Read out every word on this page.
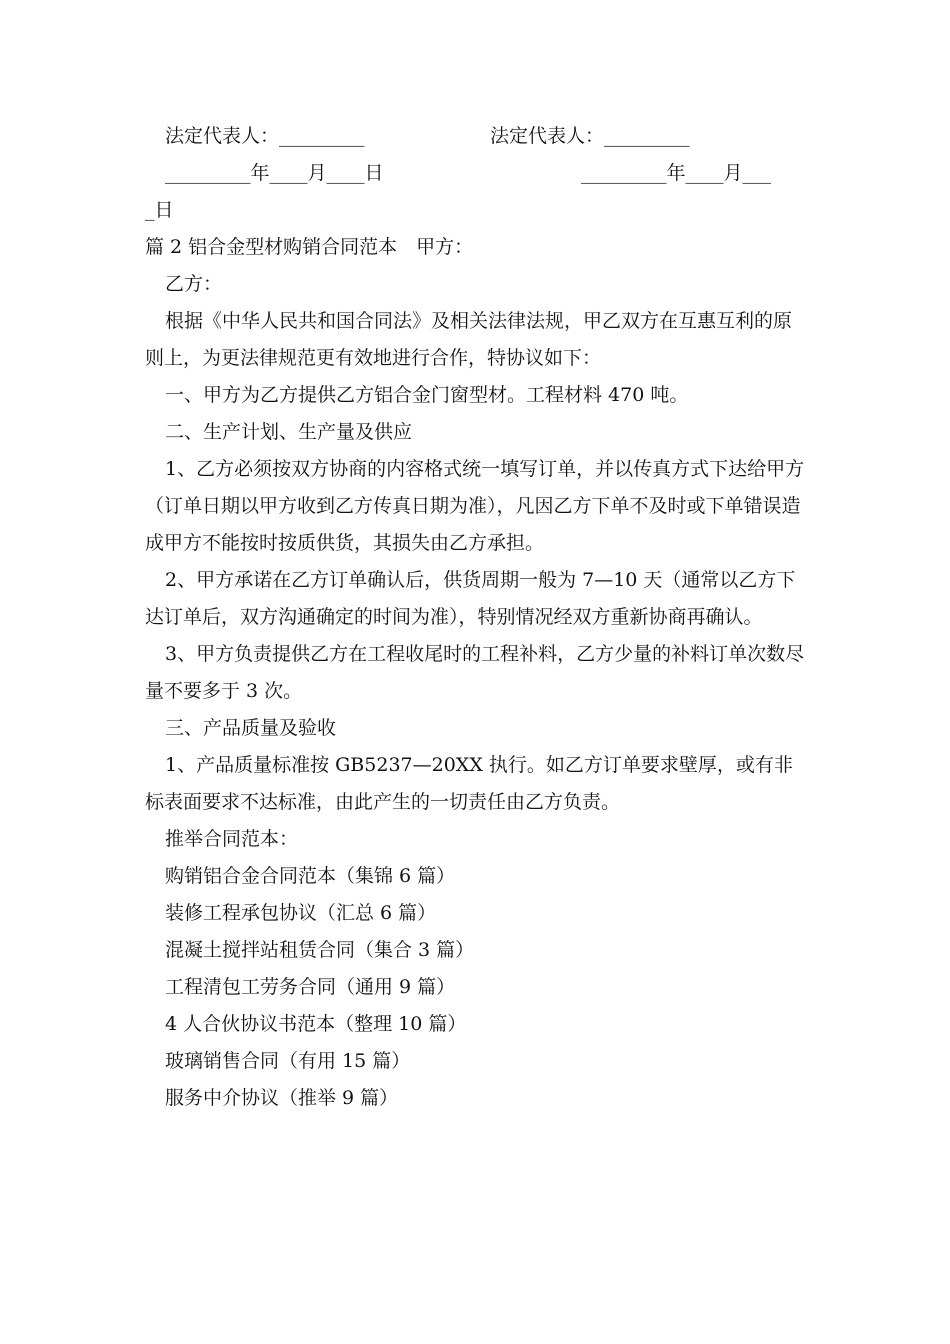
法定代表人：_________	法定代表人：_________
_________年____月____日	_________年____月___
_日
篇 2 铝合金型材购销合同范本　甲方：
乙方：
根据《中华人民共和国合同法》及相关法律法规，甲乙双方在互惠互利的原则上，为更法律规范更有效地进行合作，特协议如下：
一、甲方为乙方提供乙方铝合金门窗型材。工程材料 470 吨。
二、生产计划、生产量及供应
1、乙方必须按双方协商的内容格式统一填写订单，并以传真方式下达给甲方（订单日期以甲方收到乙方传真日期为准），凡因乙方下单不及时或下单错误造成甲方不能按时按质供货，其损失由乙方承担。
2、甲方承诺在乙方订单确认后，供货周期一般为 7—10 天（通常以乙方下达订单后，双方沟通确定的时间为准），特别情况经双方重新协商再确认。
3、甲方负责提供乙方在工程收尾时的工程补料，乙方少量的补料订单次数尽量不要多于 3 次。
三、产品质量及验收
1、产品质量标准按 GB5237—20XX 执行。如乙方订单要求壁厚，或有非标表面要求不达标准，由此产生的一切责任由乙方负责。
推举合同范本：
购销铝合金合同范本（集锦 6 篇）
装修工程承包协议（汇总 6 篇）
混凝土搅拌站租赁合同（集合 3 篇）
工程清包工劳务合同（通用 9 篇）
4 人合伙协议书范本（整理 10 篇）
玻璃销售合同（有用 15 篇）
服务中介协议（推举 9 篇）
